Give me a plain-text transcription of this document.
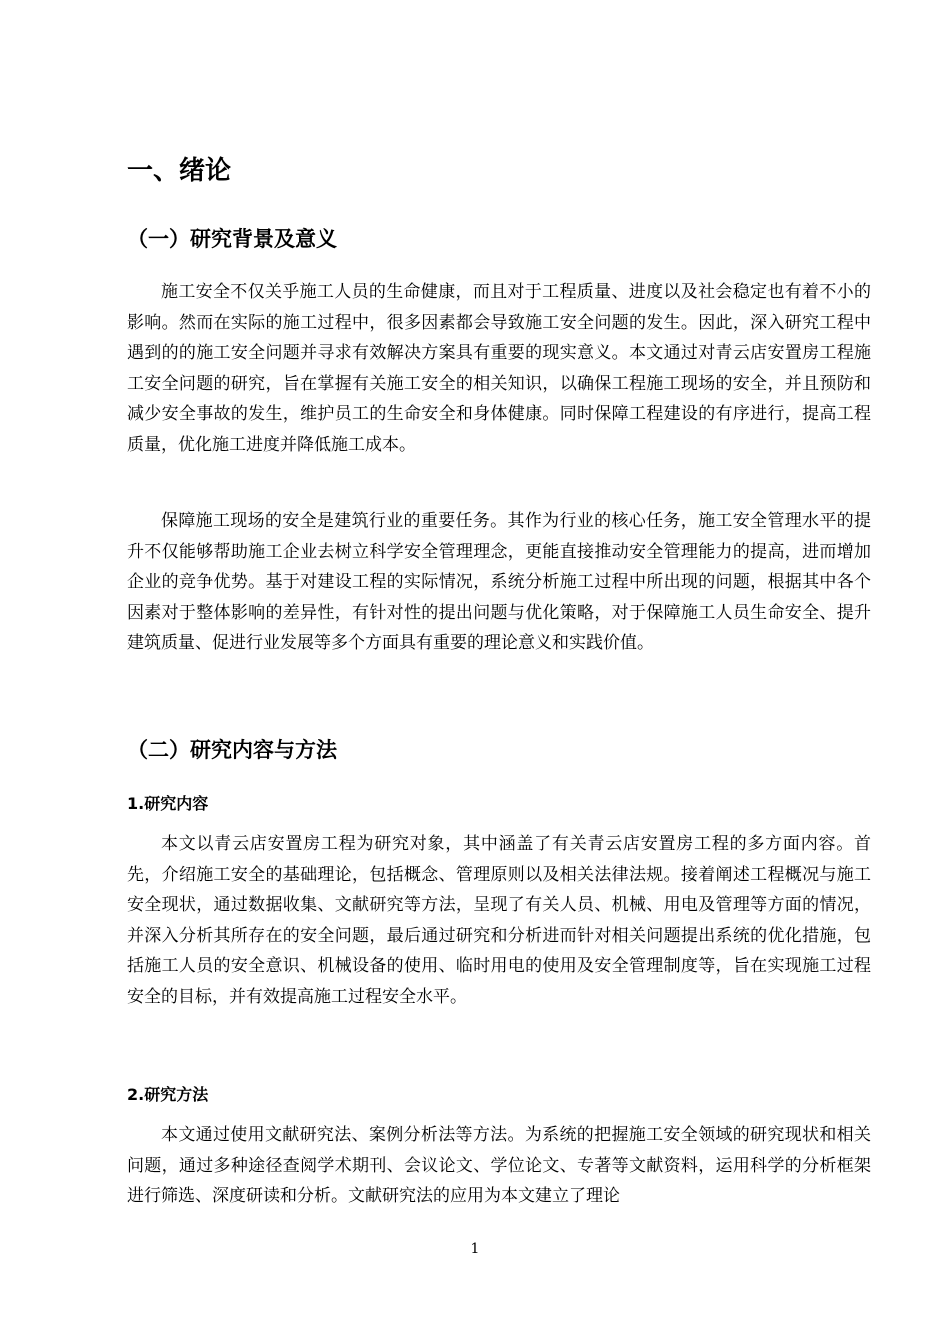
一、绪论
（一）研究背景及意义

施工安全不仅关乎施工人员的生命健康，而且对于工程质量、进度以及社会稳定也有着不小的影响。然而在实际的施工过程中，很多因素都会导致施工安全问题的发生。因此，深入研究工程中遇到的的施工安全问题并寻求有效解决方案具有重要的现实意义。本文通过对青云店安置房工程施工安全问题的研究，旨在掌握有关施工安全的相关知识，以确保工程施工现场的安全，并且预防和减少安全事故的发生，维护员工的生命安全和身体健康。同时保障工程建设的有序进行，提高工程质量，优化施工进度并降低施工成本。

保障施工现场的安全是建筑行业的重要任务。其作为行业的核心任务，施工安全管理水平的提升不仅能够帮助施工企业去树立科学安全管理理念，更能直接推动安全管理能力的提高，进而增加企业的竞争优势。基于对建设工程的实际情况，系统分析施工过程中所出现的问题，根据其中各个因素对于整体影响的差异性，有针对性的提出问题与优化策略，对于保障施工人员生命安全、提升建筑质量、促进行业发展等多个方面具有重要的理论意义和实践价值。

（二）研究内容与方法
1.研究内容

本文以青云店安置房工程为研究对象，其中涵盖了有关青云店安置房工程的多方面内容。首先，介绍施工安全的基础理论，包括概念、管理原则以及相关法律法规。接着阐述工程概况与施工安全现状，通过数据收集、文献研究等方法，呈现了有关人员、机械、用电及管理等方面的情况，并深入分析其所存在的安全问题，最后通过研究和分析进而针对相关问题提出系统的优化措施，包括施工人员的安全意识、机械设备的使用、临时用电的使用及安全管理制度等，旨在实现施工过程安全的目标，并有效提高施工过程安全水平。

2.研究方法

本文通过使用文献研究法、案例分析法等方法。为系统的把握施工安全领域的研究现状和相关问题，通过多种途径查阅学术期刊、会议论文、学位论文、专著等文献资料，运用科学的分析框架进行筛选、深度研读和分析。文献研究法的应用为本文建立了理论

1
